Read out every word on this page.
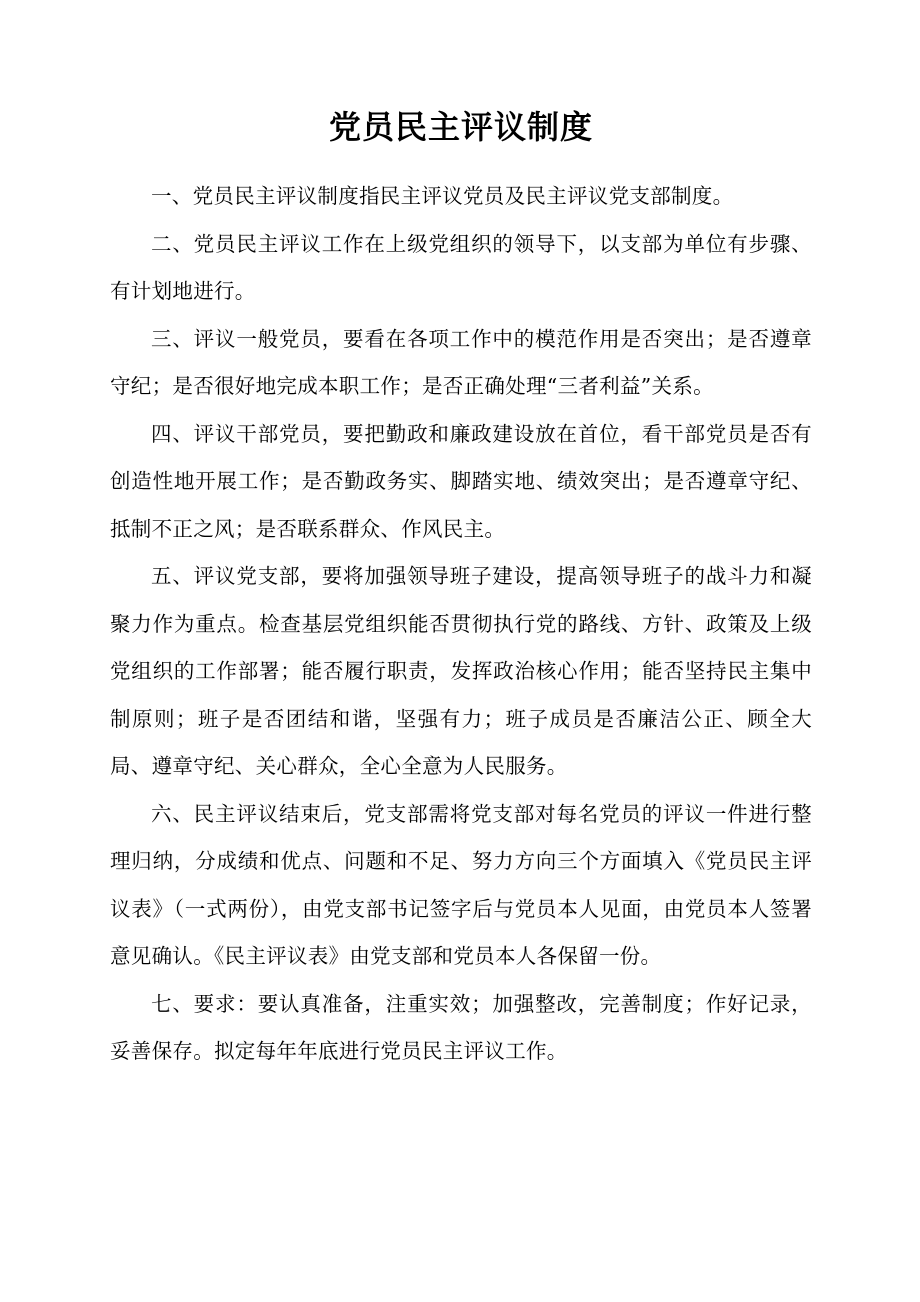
党员民主评议制度

一、党员民主评议制度指民主评议党员及民主评议党支部制度。

二、党员民主评议工作在上级党组织的领导下，以支部为单位有步骤、有计划地进行。

三、评议一般党员，要看在各项工作中的模范作用是否突出；是否遵章守纪；是否很好地完成本职工作；是否正确处理“三者利益”关系。

四、评议干部党员，要把勤政和廉政建设放在首位，看干部党员是否有创造性地开展工作；是否勤政务实、脚踏实地、绩效突出；是否遵章守纪、抵制不正之风；是否联系群众、作风民主。

五、评议党支部，要将加强领导班子建设，提高领导班子的战斗力和凝聚力作为重点。检查基层党组织能否贯彻执行党的路线、方针、政策及上级党组织的工作部署；能否履行职责，发挥政治核心作用；能否坚持民主集中制原则；班子是否团结和谐，坚强有力；班子成员是否廉洁公正、顾全大局、遵章守纪、关心群众，全心全意为人民服务。

六、民主评议结束后，党支部需将党支部对每名党员的评议一件进行整理归纳，分成绩和优点、问题和不足、努力方向三个方面填入《党员民主评议表》（一式两份），由党支部书记签字后与党员本人见面，由党员本人签署意见确认。《民主评议表》由党支部和党员本人各保留一份。

七、要求：要认真准备，注重实效；加强整改，完善制度；作好记录，妥善保存。拟定每年年底进行党员民主评议工作。
